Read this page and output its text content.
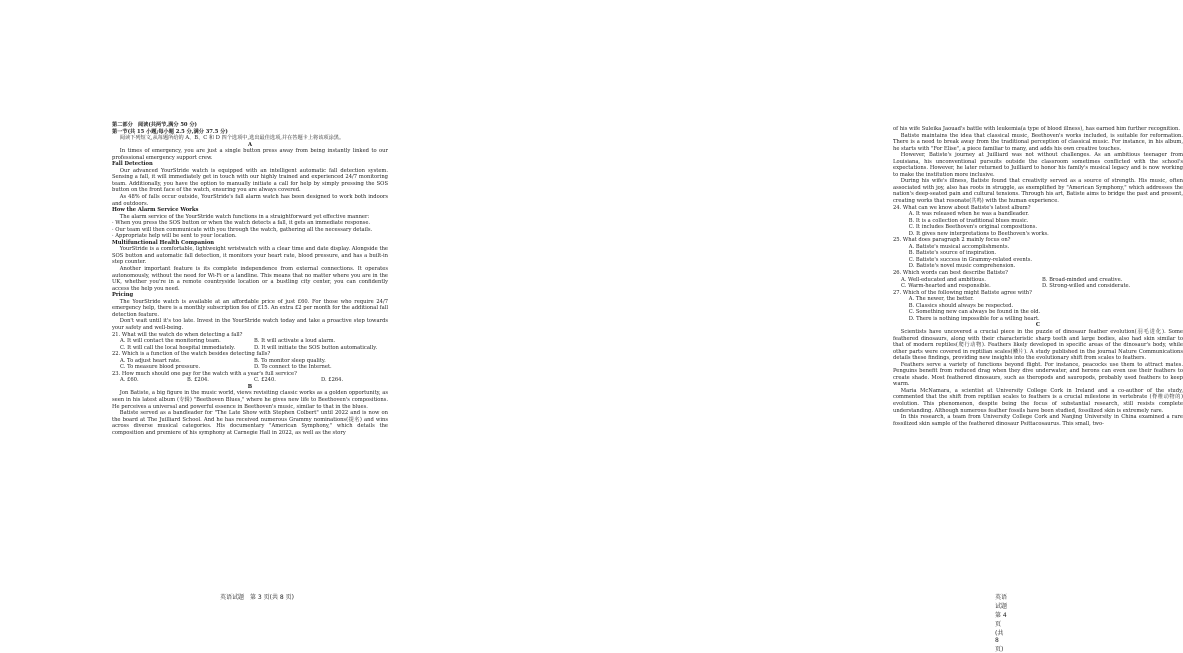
第二部分　阅读(共两节,满分 50 分)

第一节(共 15 小题;每小题 2.5 分,满分 37.5 分)

阅读下列短文,从每题所给的 A、B、C 和 D 四个选项中,选出最佳选项,并在答题卡上将该项涂黑。

A

In times of emergency, you are just a single button press away from being instantly linked to our professional emergency support crew.

Fall Detection

Our advanced YourStride watch is equipped with an intelligent automatic fall detection system. Sensing a fall, it will immediately get in touch with our highly trained and experienced 24/7 monitoring team. Additionally, you have the option to manually initiate a call for help by simply pressing the SOS button on the front face of the watch, ensuring you are always covered.

As 48% of falls occur outside, YourStride's fall alarm watch has been designed to work both indoors and outdoors.

How the Alarm Service Works

The alarm service of the YourStride watch functions in a straightforward yet effective manner:

· When you press the SOS button or when the watch detects a fall, it gets an immediate response.

· Our team will then communicate with you through the watch, gathering all the necessary details.

· Appropriate help will be sent to your location.

Multifunctional Health Companion

YourStride is a comfortable, lightweight wristwatch with a clear time and date display. Alongside the SOS button and automatic fall detection, it monitors your heart rate, blood pressure, and has a built-in step counter.

Another important feature is its complete independence from external connections. It operates autonomously, without the need for Wi-Fi or a landline. This means that no matter where you are in the UK, whether you're in a remote countryside location or a bustling city center, you can confidently access the help you need.

Pricing

The YourStride watch is available at an affordable price of just £60. For those who require 24/7 emergency help, there is a monthly subscription fee of £15. An extra £2 per month for the additional fall detection feature.

Don't wait until it's too late. Invest in the YourStride watch today and take a proactive step towards your safety and well-being.

21. What will the watch do when detecting a fall?

A. It will contact the monitoring team.	B. It will activate a loud alarm.
C. It will call the local hospital immediately.	D. It will initiate the SOS button automatically.

22. Which is a function of the watch besides detecting falls?

A. To adjust heart rate.	B. To monitor sleep quality.
C. To measure blood pressure.	D. To connect to the Internet.

23. How much should one pay for the watch with a year's full service?

A. £60.	B. £204.	C. £240.	D. £264.

B

Jon Batiste, a big figure in the music world, views revisiting classic works as a golden opportunity, as seen in his latest album (专辑) "Beethoven Blues," where he gives new life to Beethoven's compositions. He perceives a universal and powerful essence in Beethoven's music, similar to that in the blues.

Batiste served as a bandleader for "The Late Show with Stephen Colbert" until 2022 and is now on the board at The Juilliard School. And he has received numerous Grammy nominations(提名) and wins across diverse musical categories. His documentary "American Symphony," which details the composition and premiere of his symphony at Carnegie Hall in 2022, as well as the story

英语试题　第 3 页(共 8 页)

of his wife Suleika Jaouad's battle with leukemia(a type of blood illness), has earned him further recognition.

Batiste maintains the idea that classical music, Beethoven's works included, is suitable for reformation. There is a need to break away from the traditional perception of classical music. For instance, in his album, he starts with "For Elise", a piece familiar to many, and adds his own creative touches.

However, Batiste's journey at Juilliard was not without challenges. As an ambitious teenager from Louisiana, his unconventional pursuits outside the classroom sometimes conflicted with the school's expectations. However, he later returned to Juilliard to honor his family's musical legacy and is now working to make the institution more inclusive.

During his wife's illness, Batiste found that creativity served as a source of strength. His music, often associated with joy, also has roots in struggle, as exemplified by "American Symphony," which addresses the nation's deep-seated pain and cultural tensions. Through his art, Batiste aims to bridge the past and present, creating works that resonate(共鸣) with the human experience.

24. What can we know about Batiste's latest album?

A. It was released when he was a bandleader.

B. It is a collection of traditional blues music.

C. It includes Beethoven's original compositions.

D. It gives new interpretations to Beethoven's works.

25. What does paragraph 2 mainly focus on?

A. Batiste's musical accomplishments.

B. Batiste's source of inspiration.

C. Batiste's success in Grammy-related events.

D. Batiste's novel music comprehension.

26. Which words can best describe Batiste?

A. Well-educated and ambitious.	B. Broad-minded and creative.
C. Warm-hearted and responsible.	D. Strong-willed and considerate.

27. Which of the following might Batiste agree with?

A. The newer, the better.

B. Classics should always be respected.

C. Something new can always be found in the old.

D. There is nothing impossible for a willing heart.

C

Scientists have uncovered a crucial piece in the puzzle of dinosaur feather evolution(羽毛进化). Some feathered dinosaurs, along with their characteristic sharp teeth and large bodies, also had skin similar to that of modern reptiles(爬行动物). Feathers likely developed in specific areas of the dinosaur's body, while other parts were covered in reptilian scales(鳞片). A study published in the journal Nature Communications details these findings, providing new insights into the evolutionary shift from scales to feathers.

Feathers serve a variety of functions beyond flight. For instance, peacocks use them to attract mates. Penguins benefit from reduced drag when they dive underwater, and herons can even use their feathers to create shade. Most feathered dinosaurs, such as theropods and sauropods, probably used feathers to keep warm.

Maria McNamara, a scientist at University College Cork in Ireland and a co-author of the study, commented that the shift from reptilian scales to feathers is a crucial milestone in vertebrate (脊椎动物的) evolution. This phenomenon, despite being the focus of substantial research, still resists complete understanding. Although numerous feather fossils have been studied, fossilized skin is extremely rare.

In this research, a team from University College Cork and Nanjing University in China examined a rare fossilized skin sample of the feathered dinosaur Psittacosaurus. This small, two-

英语试题　第 4 页(共 8 页)
